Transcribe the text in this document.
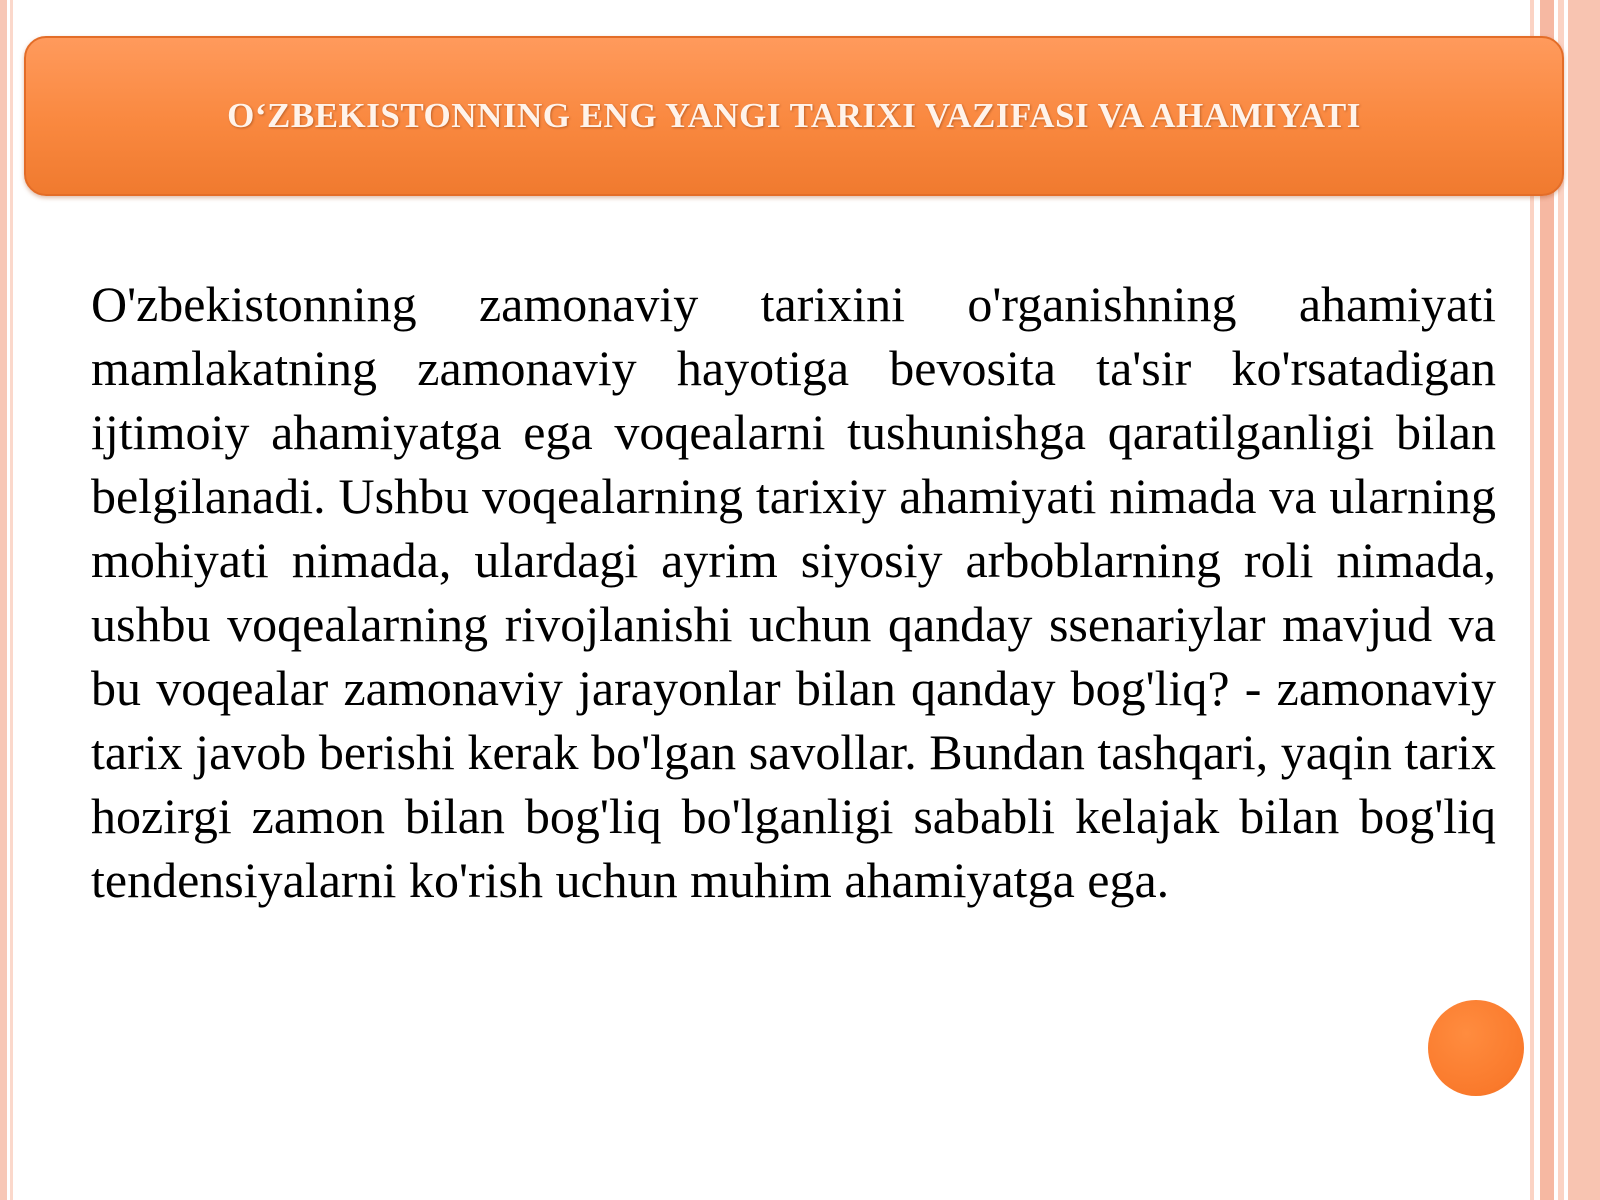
O‘ZBEKISTONNING ENG YANGI TARIXI VAZIFASI VA AHAMIYATI

O'zbekistonning zamonaviy tarixini o'rganishning ahamiyati mamlakatning zamonaviy hayotiga bevosita ta'sir ko'rsatadigan ijtimoiy ahamiyatga ega voqealarni tushunishga qaratilganligi bilan belgilanadi. Ushbu voqealarning tarixiy ahamiyati nimada va ularning mohiyati nimada, ulardagi ayrim siyosiy arboblarning roli nimada, ushbu voqealarning rivojlanishi uchun qanday ssenariylar mavjud va bu voqealar zamonaviy jarayonlar bilan qanday bog'liq? - zamonaviy tarix javob berishi kerak bo'lgan savollar. Bundan tashqari, yaqin tarix hozirgi zamon bilan bog'liq bo'lganligi sababli kelajak bilan bog'liq tendensiyalarni ko'rish uchun muhim ahamiyatga ega.
